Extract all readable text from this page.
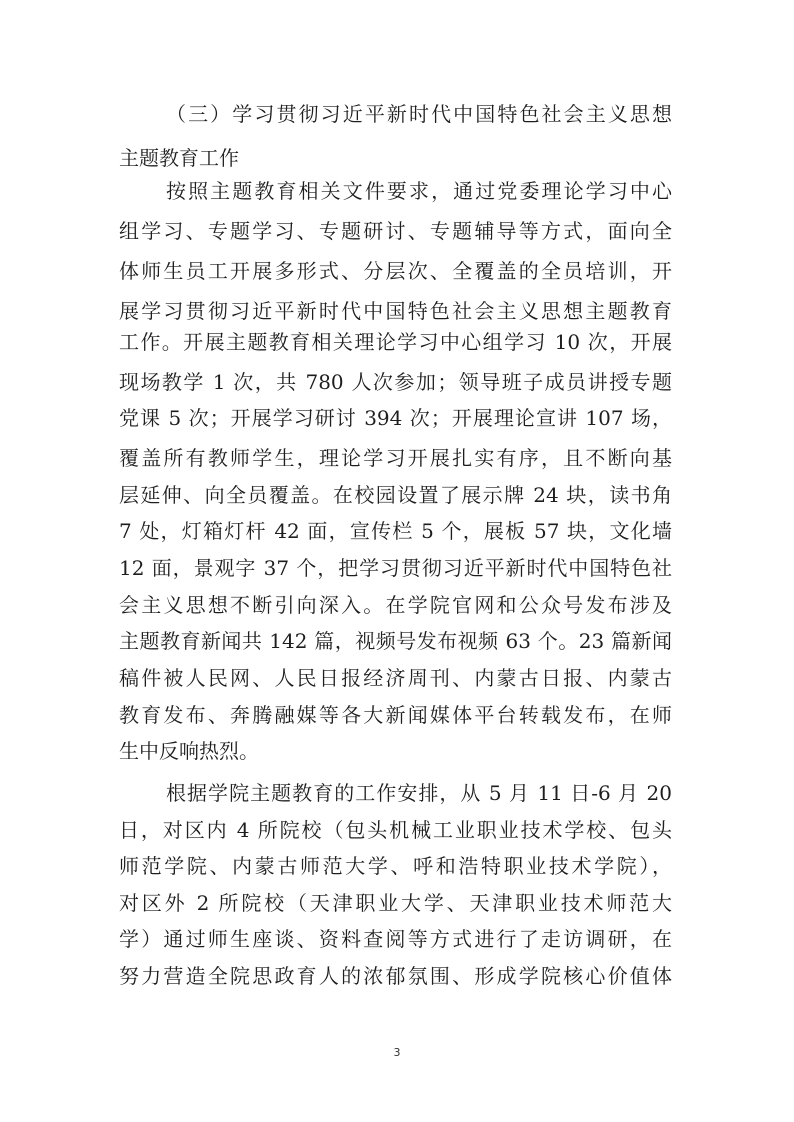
（三）学习贯彻习近平新时代中国特色社会主义思想
主题教育工作
按照主题教育相关文件要求，通过党委理论学习中心
组学习、专题学习、专题研讨、专题辅导等方式，面向全
体师生员工开展多形式、分层次、全覆盖的全员培训，开
展学习贯彻习近平新时代中国特色社会主义思想主题教育
工作。开展主题教育相关理论学习中心组学习 10 次，开展
现场教学 1 次，共 780 人次参加；领导班子成员讲授专题
党课 5 次；开展学习研讨 394 次；开展理论宣讲 107 场，
覆盖所有教师学生，理论学习开展扎实有序，且不断向基
层延伸、向全员覆盖。在校园设置了展示牌 24 块，读书角
7 处，灯箱灯杆 42 面，宣传栏 5 个，展板 57 块，文化墙
12 面，景观字 37 个，把学习贯彻习近平新时代中国特色社
会主义思想不断引向深入。在学院官网和公众号发布涉及
主题教育新闻共 142 篇，视频号发布视频 63 个。23 篇新闻
稿件被人民网、人民日报经济周刊、内蒙古日报、内蒙古
教育发布、奔腾融媒等各大新闻媒体平台转载发布，在师
生中反响热烈。
根据学院主题教育的工作安排，从 5 月 11 日-6 月 20
日，对区内 4 所院校（包头机械工业职业技术学校、包头
师范学院、内蒙古师范大学、呼和浩特职业技术学院），
对区外 2 所院校（天津职业大学、天津职业技术师范大
学）通过师生座谈、资料查阅等方式进行了走访调研，在
努力营造全院思政育人的浓郁氛围、形成学院核心价值体
3
